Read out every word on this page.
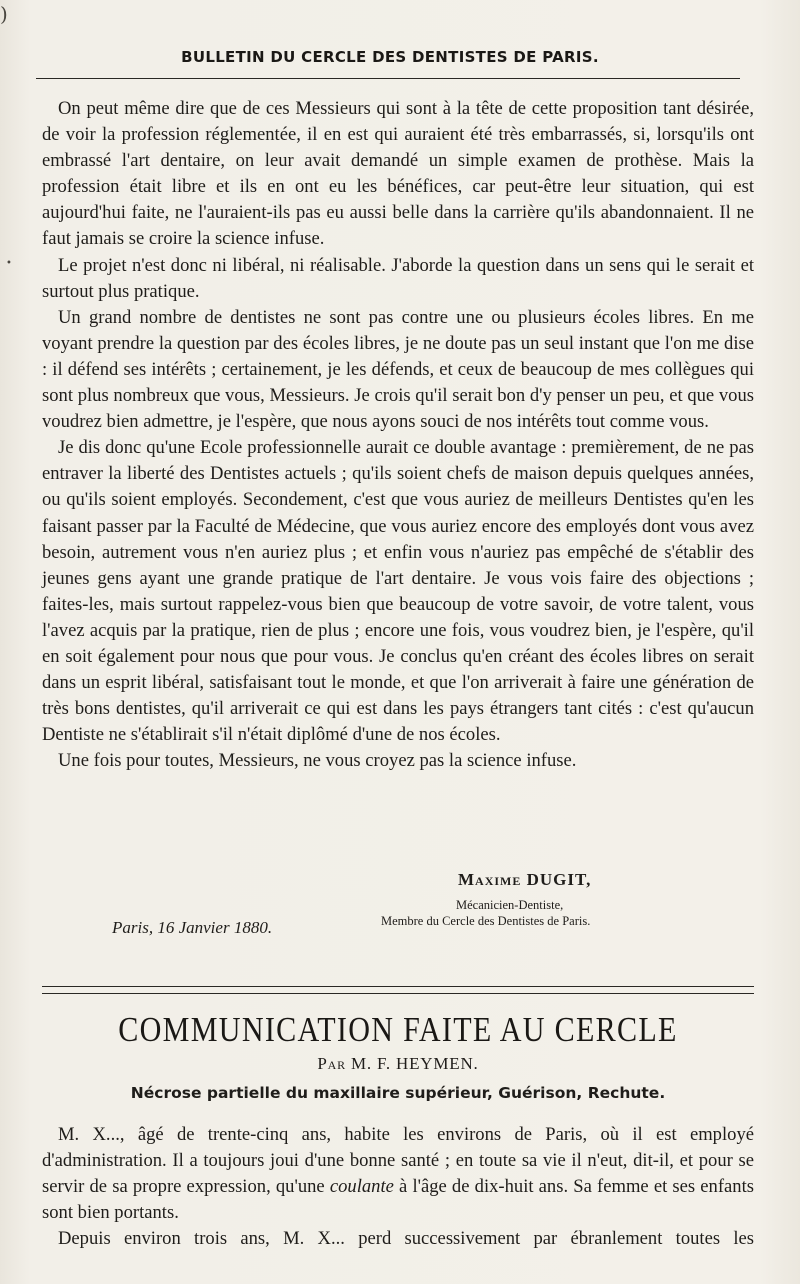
)
•
BULLETIN DU CERCLE DES DENTISTES DE PARIS.

On peut même dire que de ces Messieurs qui sont à la tête de cette proposition tant désirée, de voir la profession réglementée, il en est qui auraient été très embarrassés, si, lorsqu'ils ont embrassé l'art dentaire, on leur avait demandé un simple examen de prothèse. Mais la profession était libre et ils en ont eu les bénéfices, car peut-être leur situation, qui est aujourd'hui faite, ne l'auraient-ils pas eu aussi belle dans la carrière qu'ils abandonnaient. Il ne faut jamais se croire la science infuse.

Le projet n'est donc ni libéral, ni réalisable. J'aborde la question dans un sens qui le serait et surtout plus pratique.

Un grand nombre de dentistes ne sont pas contre une ou plusieurs écoles libres. En me voyant prendre la question par des écoles libres, je ne doute pas un seul instant que l'on me dise : il défend ses intérêts ; certainement, je les défends, et ceux de beaucoup de mes collègues qui sont plus nombreux que vous, Messieurs. Je crois qu'il serait bon d'y penser un peu, et que vous voudrez bien admettre, je l'espère, que nous ayons souci de nos intérêts tout comme vous.

Je dis donc qu'une Ecole professionnelle aurait ce double avantage : premièrement, de ne pas entraver la liberté des Dentistes actuels ; qu'ils soient chefs de maison depuis quelques années, ou qu'ils soient employés. Secondement, c'est que vous auriez de meilleurs Dentistes qu'en les faisant passer par la Faculté de Médecine, que vous auriez encore des employés dont vous avez besoin, autrement vous n'en auriez plus ; et enfin vous n'auriez pas empêché de s'établir des jeunes gens ayant une grande pratique de l'art dentaire. Je vous vois faire des objections ; faites-les, mais surtout rappelez-vous bien que beaucoup de votre savoir, de votre talent, vous l'avez acquis par la pratique, rien de plus ; encore une fois, vous voudrez bien, je l'espère, qu'il en soit également pour nous que pour vous. Je conclus qu'en créant des écoles libres on serait dans un esprit libéral, satisfaisant tout le monde, et que l'on arriverait à faire une génération de très bons dentistes, qu'il arriverait ce qui est dans les pays étrangers tant cités : c'est qu'aucun Dentiste ne s'établirait s'il n'était diplômé d'une de nos écoles.

Une fois pour toutes, Messieurs, ne vous croyez pas la science infuse.

Maxime DUGIT,
Mécanicien-Dentiste,
Membre du Cercle des Dentistes de Paris.
Paris, 16 Janvier 1880.
COMMUNICATION FAITE AU CERCLE
Par M. F. HEYMEN.
Nécrose partielle du maxillaire supérieur, Guérison, Rechute.

M. X..., âgé de trente-cinq ans, habite les environs de Paris, où il est employé d'administration. Il a toujours joui d'une bonne santé ; en toute sa vie il n'eut, dit-il, et pour se servir de sa propre expression, qu'une coulante à l'âge de dix-huit ans. Sa femme et ses enfants sont bien portants.

Depuis environ trois ans, M. X... perd successivement par ébranlement toutes les
